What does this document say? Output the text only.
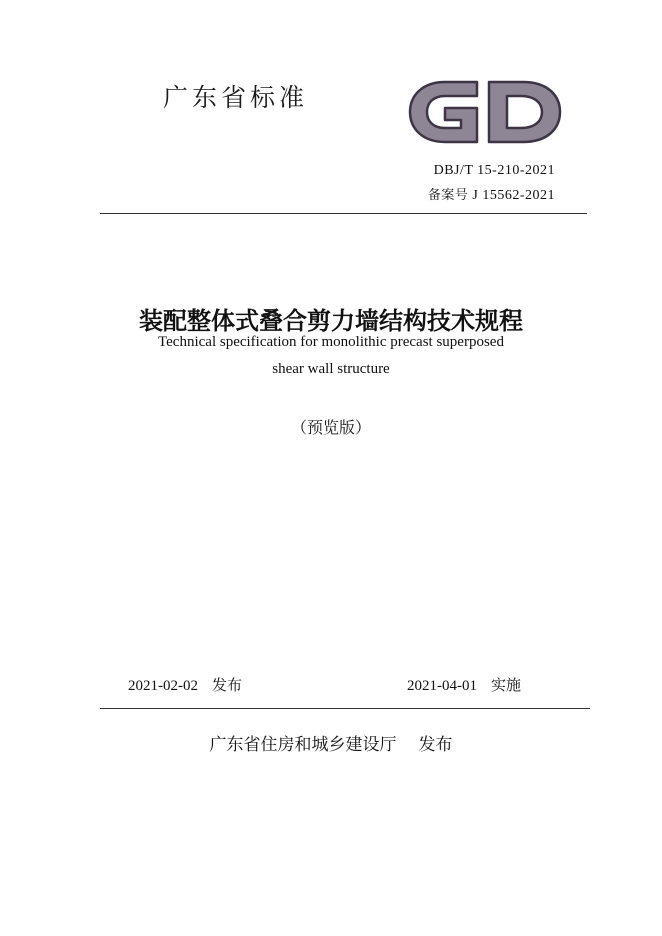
广东省标准
DBJ/T 15-210-2021
备案号 J 15562-2021
装配整体式叠合剪力墙结构技术规程
Technical specification for monolithic precast superposed
shear wall structure
（预览版）
2021-02-02 发布	2021-04-01 实施
广东省住房和城乡建设厅 发布
